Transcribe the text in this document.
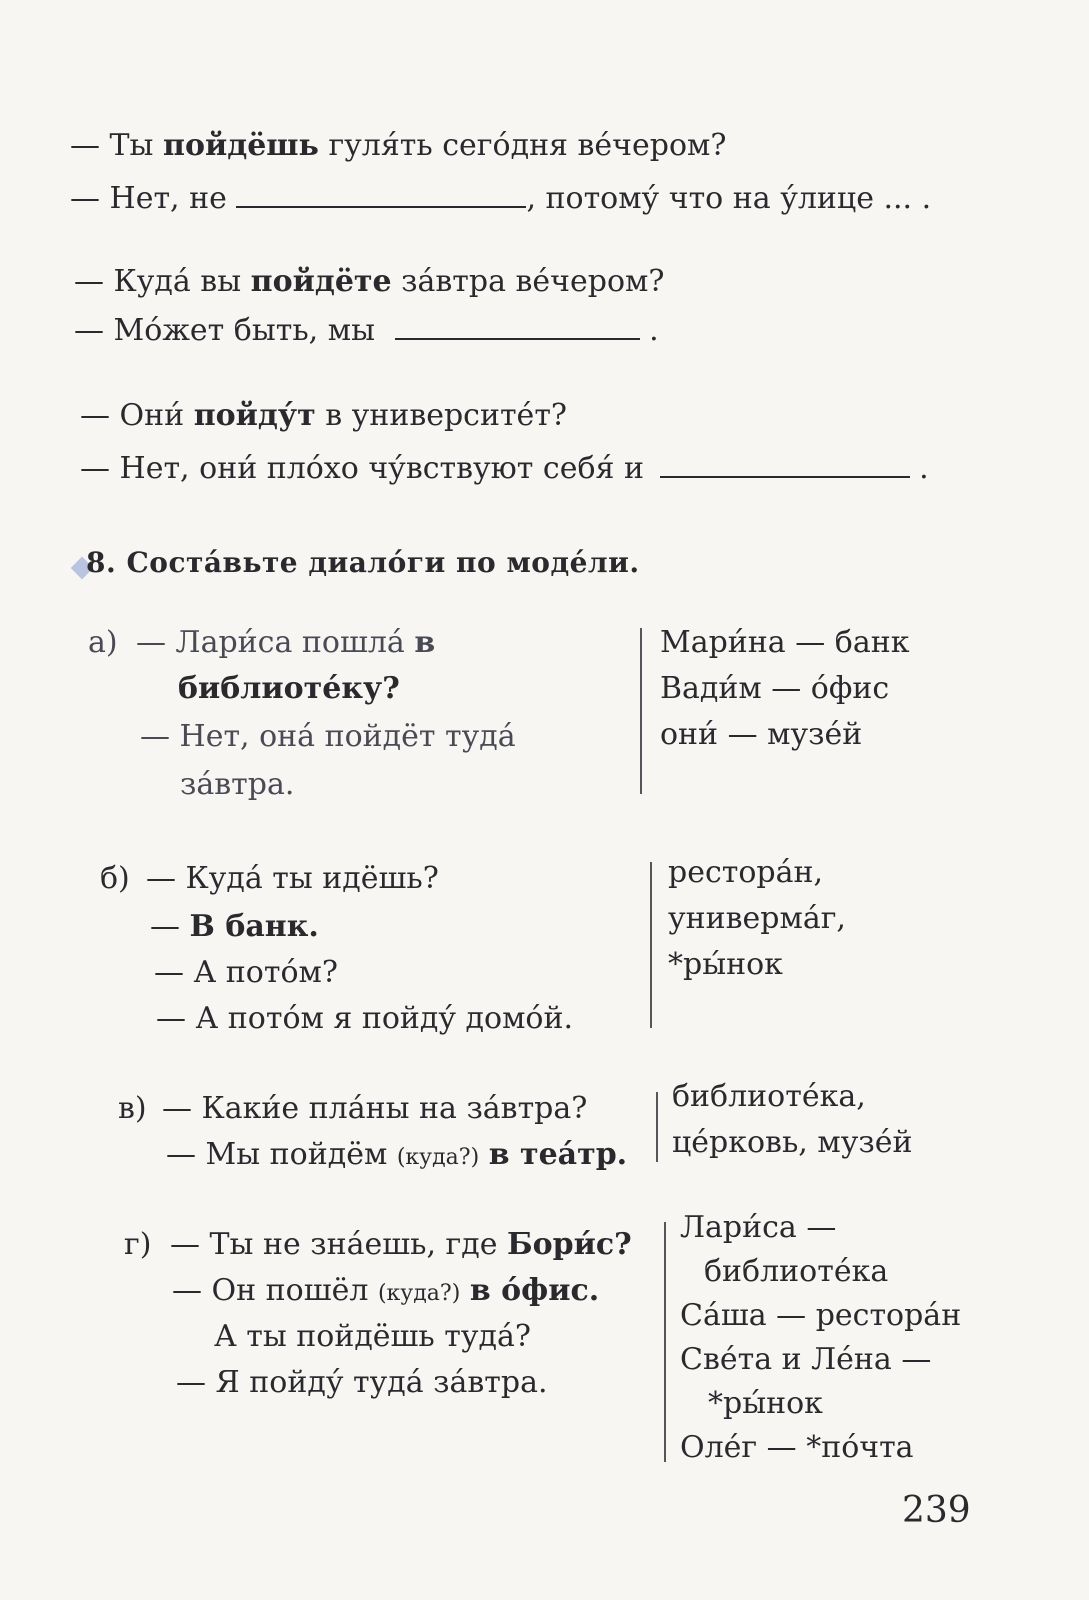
— Ты пойдёшь гуля́ть сего́дня ве́чером?
— Нет, не	, потому́ что на у́лице ... .
— Куда́ вы пойдёте за́втра ве́чером?
— Мо́жет быть, мы	.
— Они́ пойду́т в университе́т?
— Нет, они́ пло́хо чу́вствуют себя́ и	.
8. Соста́вьте диало́ги по моде́ли.
а) — Лари́са пошла́ в
библиоте́ку?
— Нет, она́ пойдёт туда́
за́втра.
Мари́на — банк
Вади́м — о́фис
они́ — музе́й
б) — Куда́ ты идёшь?
— В банк.
— А пото́м?
— А пото́м я пойду́ домо́й.
рестора́н,
универма́г,
*ры́нок
в) — Каки́е пла́ны на за́втра?
— Мы пойдём (куда?) в теа́тр.
библиоте́ка,
це́рковь, музе́й
г) — Ты не зна́ешь, где Бори́с?
— Он пошёл (куда?) в о́фис.
А ты пойдёшь туда́?
— Я пойду́ туда́ за́втра.
Лари́са —
библиоте́ка
Са́ша — рестора́н
Све́та и Ле́на —
*ры́нок
Оле́г — *по́чта
239
